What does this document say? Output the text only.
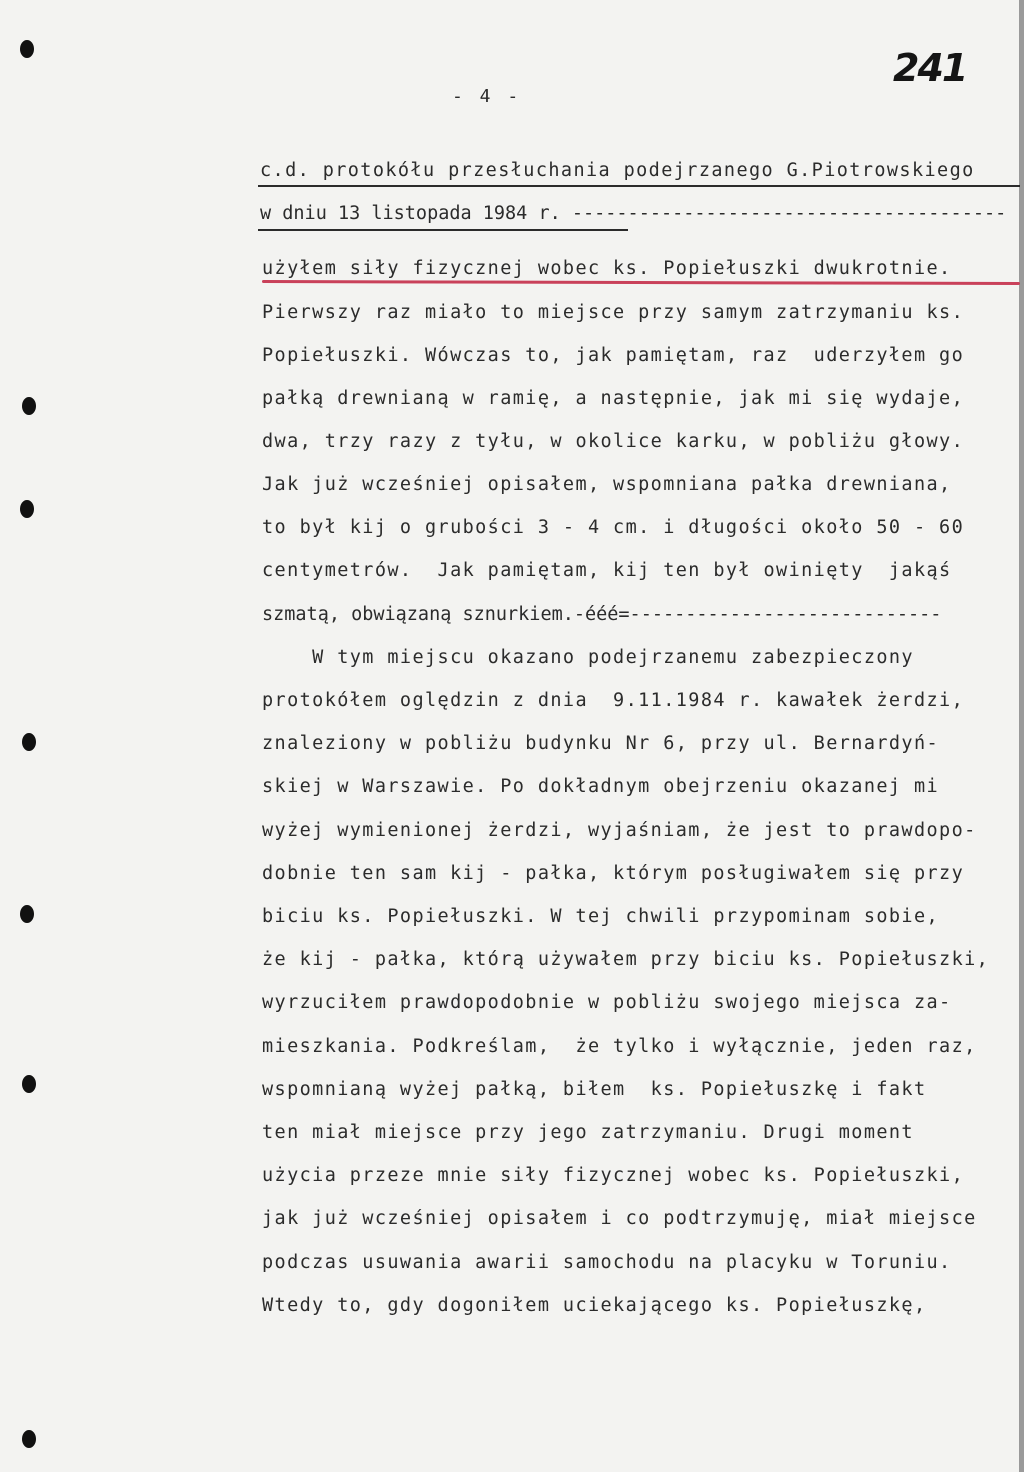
- 4 -
241
c.d. protokółu przesłuchania podejrzanego G.Piotrowskiego
w dniu 13 listopada 1984 r. ---------------------------------------
użyłem siły fizycznej wobec ks. Popiełuszki dwukrotnie.
Pierwszy raz miało to miejsce przy samym zatrzymaniu ks.
Popiełuszki. Wówczas to, jak pamiętam, raz  uderzyłem go
pałką drewnianą w ramię, a następnie, jak mi się wydaje,
dwa, trzy razy z tyłu, w okolice karku, w pobliżu głowy.
Jak już wcześniej opisałem, wspomniana pałka drewniana,
to był kij o grubości 3 - 4 cm. i długości około 50 - 60
centymetrów.  Jak pamiętam, kij ten był owinięty  jakąś
szmatą, obwiązaną sznurkiem.-ééé=----------------------------
W tym miejscu okazano podejrzanemu zabezpieczony
protokółem oględzin z dnia  9.11.1984 r. kawałek żerdzi,
znaleziony w pobliżu budynku Nr 6, przy ul. Bernardyń-
skiej w Warszawie. Po dokładnym obejrzeniu okazanej mi
wyżej wymienionej żerdzi, wyjaśniam, że jest to prawdopo-
dobnie ten sam kij - pałka, którym posługiwałem się przy
biciu ks. Popiełuszki. W tej chwili przypominam sobie,
że kij - pałka, którą używałem przy biciu ks. Popiełuszki,
wyrzuciłem prawdopodobnie w pobliżu swojego miejsca za-
mieszkania. Podkreślam,  że tylko i wyłącznie, jeden raz,
wspomnianą wyżej pałką, biłem  ks. Popiełuszkę i fakt
ten miał miejsce przy jego zatrzymaniu. Drugi moment
użycia przeze mnie siły fizycznej wobec ks. Popiełuszki,
jak już wcześniej opisałem i co podtrzymuję, miał miejsce
podczas usuwania awarii samochodu na placyku w Toruniu.
Wtedy to, gdy dogoniłem uciekającego ks. Popiełuszkę,
